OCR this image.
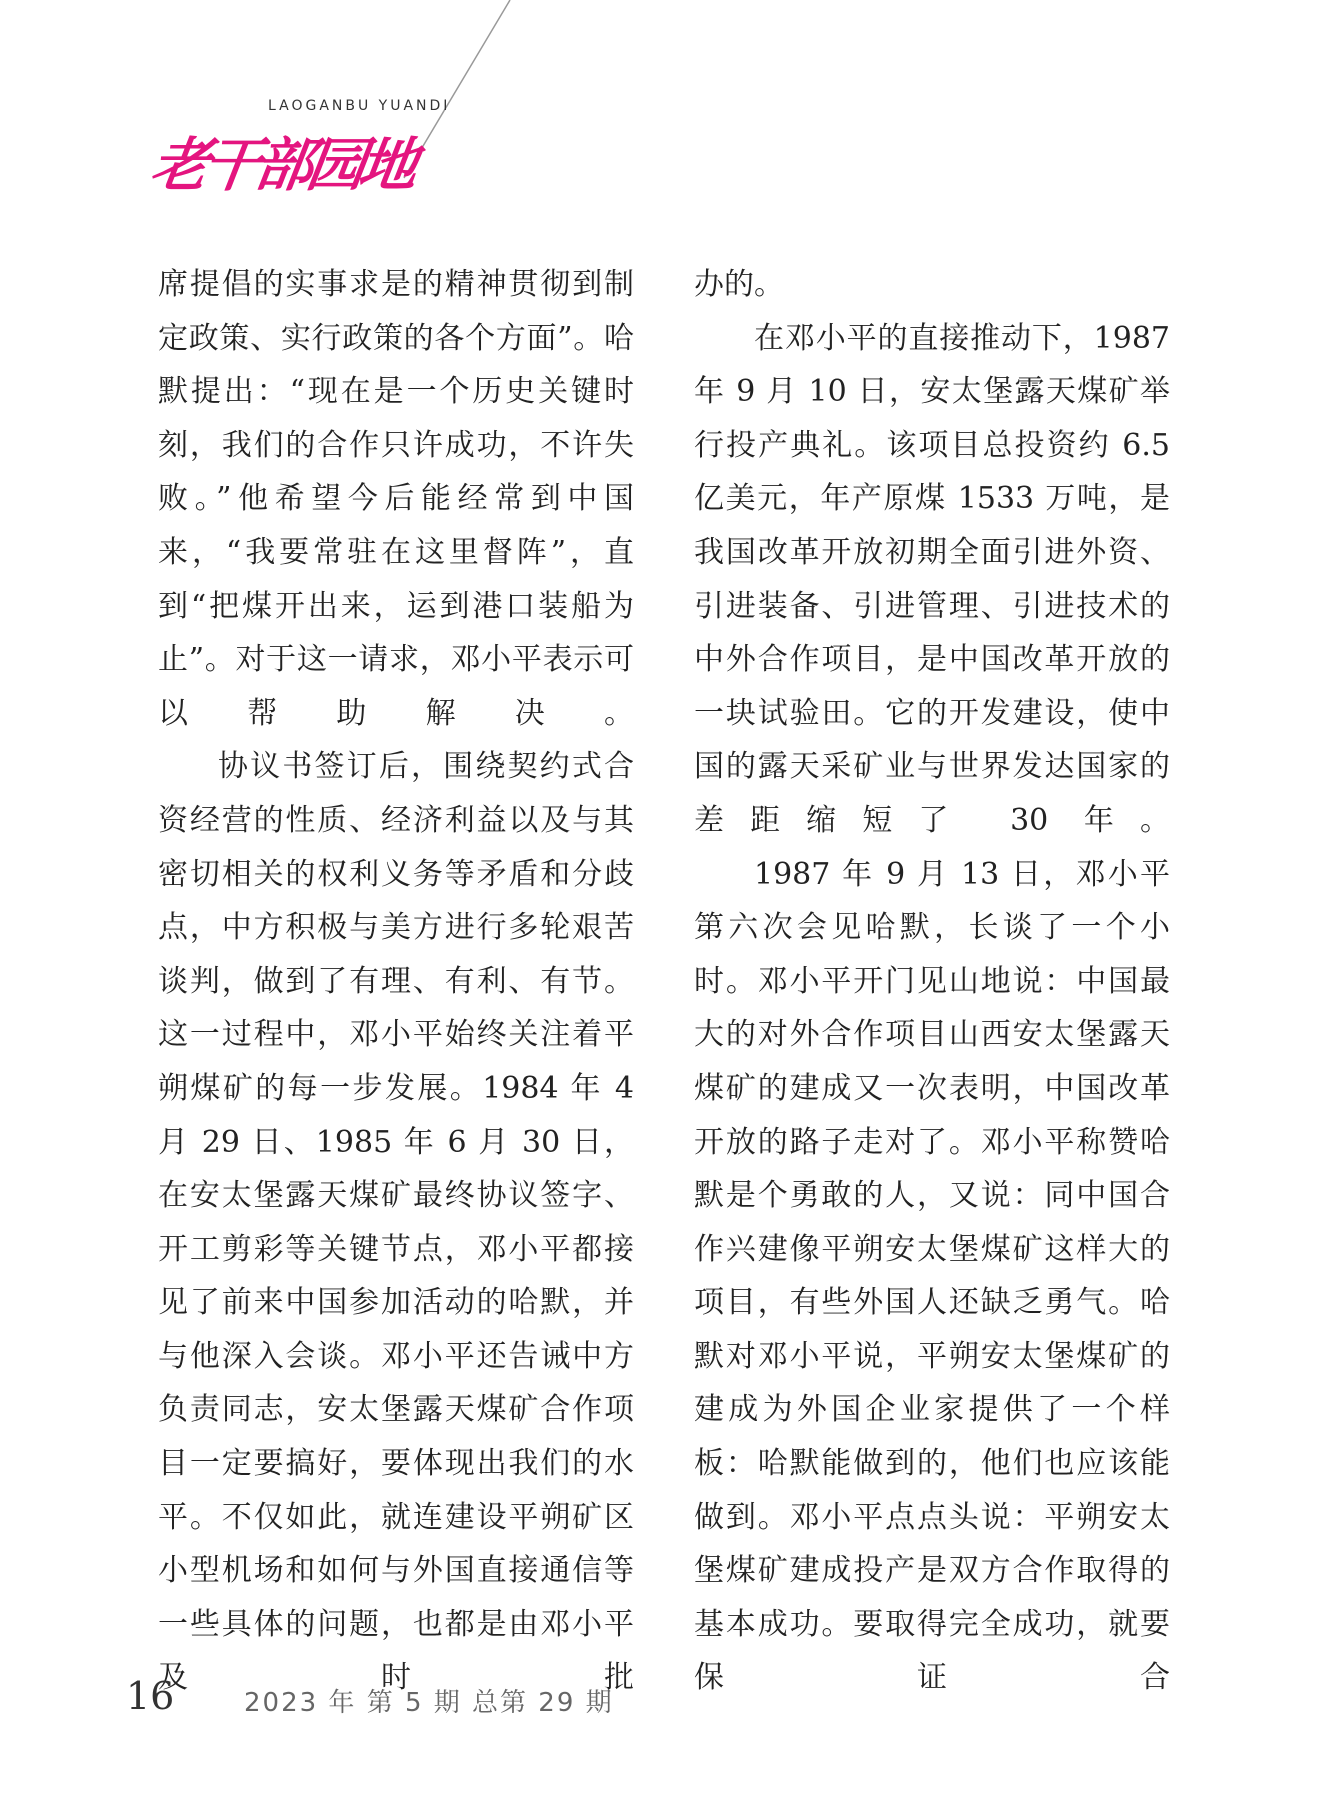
LAOGANBU YUANDI
老干部园地

席提倡的实事求是的精神贯彻到制定政策、实行政策的各个方面”。哈默提出：“现在是一个历史关键时刻，我们的合作只许成功，不许失败。”他希望今后能经常到中国来，“我要常驻在这里督阵”，直到“把煤开出来，运到港口装船为止”。对于这一请求，邓小平表示可以帮助解决。

协议书签订后，围绕契约式合资经营的性质、经济利益以及与其密切相关的权利义务等矛盾和分歧点，中方积极与美方进行多轮艰苦谈判，做到了有理、有利、有节。这一过程中，邓小平始终关注着平朔煤矿的每一步发展。1984 年 4 月 29 日、1985 年 6 月 30 日，在安太堡露天煤矿最终协议签字、开工剪彩等关键节点，邓小平都接见了前来中国参加活动的哈默，并与他深入会谈。邓小平还告诫中方负责同志，安太堡露天煤矿合作项目一定要搞好，要体现出我们的水平。不仅如此，就连建设平朔矿区小型机场和如何与外国直接通信等一些具体的问题，也都是由邓小平及时批

办的。

在邓小平的直接推动下，1987 年 9 月 10 日，安太堡露天煤矿举行投产典礼。该项目总投资约 6.5 亿美元，年产原煤 1533 万吨，是我国改革开放初期全面引进外资、引进装备、引进管理、引进技术的中外合作项目，是中国改革开放的一块试验田。它的开发建设，使中国的露天采矿业与世界发达国家的差距缩短了 30 年。

1987 年 9 月 13 日，邓小平第六次会见哈默，长谈了一个小时。邓小平开门见山地说：中国最大的对外合作项目山西安太堡露天煤矿的建成又一次表明，中国改革开放的路子走对了。邓小平称赞哈默是个勇敢的人，又说：同中国合作兴建像平朔安太堡煤矿这样大的项目，有些外国人还缺乏勇气。哈默对邓小平说，平朔安太堡煤矿的建成为外国企业家提供了一个样板：哈默能做到的，他们也应该能做到。邓小平点点头说：平朔安太堡煤矿建成投产是双方合作取得的基本成功。要取得完全成功，就要保证合

16	2023 年 第 5 期 总第 29 期
